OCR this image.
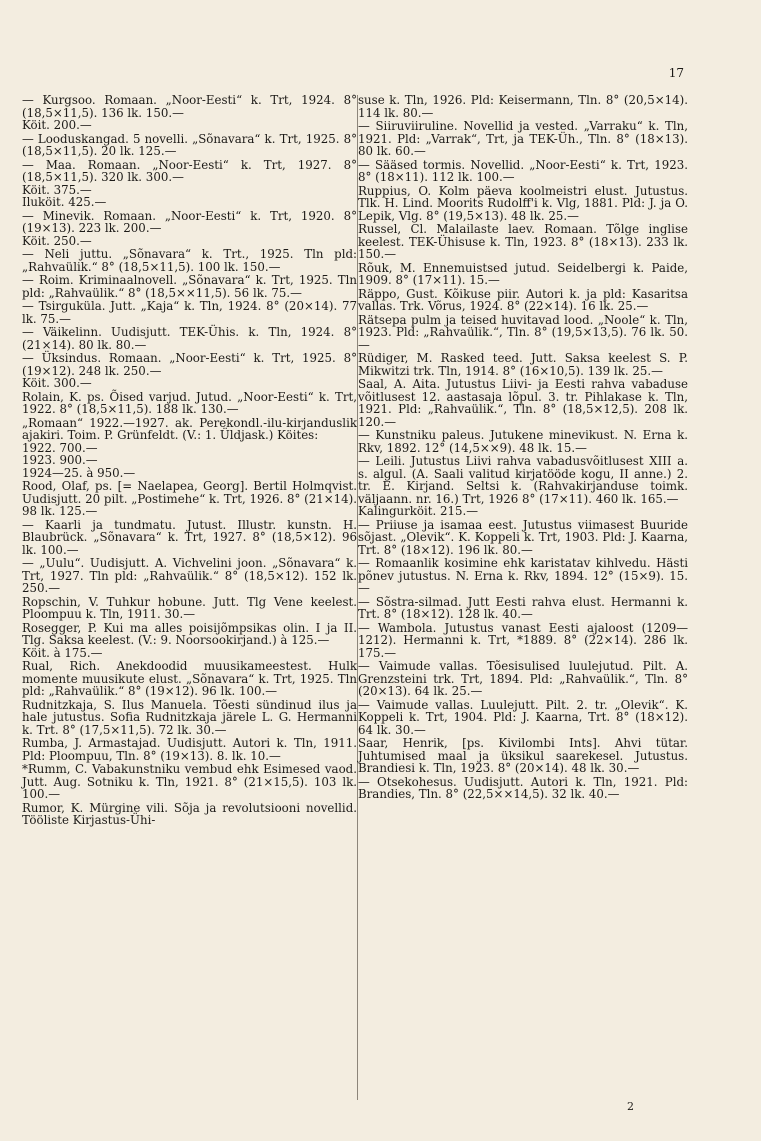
17

— Kurgsoo. Romaan. „Noor-Eesti“ k. Trt, 1924. 8° (18,5×11,5). 136 lk. 150.—
Köit. 200.—

— Looduskangad. 5 novelli. „Sõnavara“ k. Trt, 1925. 8° (18,5×11,5). 20 lk. 125.—

— Maa. Romaan. „Noor-Eesti“ k. Trt, 1927. 8° (18,5×11,5). 320 lk. 300.—
Köit. 375.—
Iluköit. 425.—

— Minevik. Romaan. „Noor-Eesti“ k. Trt, 1920. 8° (19×13). 223 lk. 200.—
Köit. 250.—

— Neli juttu. „Sõnavara“ k. Trt., 1925. Tln pld: „Rahvaülik.“ 8° (18,5×11,5). 100 lk. 150.—

— Roim. Kriminaalnovell. „Sõnavara“ k. Trt, 1925. Tln pld: „Rahvaülik.“ 8° (18,5××11,5). 56 lk. 75.—

— Tsirguküla. Jutt. „Kaja“ k. Tln, 1924. 8° (20×14). 77 lk. 75.—

— Väikelinn. Uudisjutt. TEK-Ühis. k. Tln, 1924. 8° (21×14). 80 lk. 80.—

— Üksindus. Romaan. „Noor-Eesti“ k. Trt, 1925. 8° (19×12). 248 lk. 250.—
Köit. 300.—

Rolain, K. ps. Õised varjud. Jutud. „Noor-Eesti“ k. Trt, 1922. 8° (18,5×11,5). 188 lk. 130.—

„Romaan“ 1922.—1927. ak. Perekondl.-ilu-kirjanduslik ajakiri. Toim. P. Grünfeldt. (V.: 1. Üldjask.) Köites:
1922. 700.—
1923. 900.—
1924—25. à 950.—

Rood, Olaf, ps. [= Naelapea, Georg]. Bertil Holmqvist. Uudisjutt. 20 pilt. „Postimehe“ k. Trt, 1926. 8° (21×14). 98 lk. 125.—

— Kaarli ja tundmatu. Jutust. Illustr. kunstn. H. Blaubrück. „Sõnavara“ k. Trt, 1927. 8° (18,5×12). 96 lk. 100.—

— „Uulu“. Uudisjutt. A. Vichvelini joon. „Sõnavara“ k. Trt, 1927. Tln pld: „Rahvaülik.“ 8° (18,5×12). 152 lk. 250.—

Ropschin, V. Tuhkur hobune. Jutt. Tlg Vene keelest. Ploompuu k. Tln, 1911. 30.—

Rosegger, P. Kui ma alles poisijõmpsikas olin. I ja II. Tlg. Saksa keelest. (V.: 9. Noorsookirjand.) à 125.—
Köit. à 175.—

Rual, Rich. Anekdoodid muusikameestest. Hulk momente muusikute elust. „Sõnavara“ k. Trt, 1925. Tln pld: „Rahvaülik.“ 8° (19×12). 96 lk. 100.—

Rudnitzkaja, S. Ilus Manuela. Tõesti sündinud ilus ja hale jutustus. Sofia Rudnitzkaja järele L. G. Hermanni k. Trt. 8° (17,5×11,5). 72 lk. 30.—

Rumba, J. Armastajad. Uudisjutt. Autori k. Tln, 1911. Pld: Ploompuu, Tln. 8° (19×13). 8. lk. 10.—

*Rumm, C. Vabakunstniku vembud ehk Esimesed vaod. Jutt. Aug. Sotniku k. Tln, 1921. 8° (21×15,5). 103 lk. 100.—

Rumor, K. Mürgine vili. Sõja ja revolutsiooni novellid. Tööliste Kirjastus-Ühi-

suse k. Tln, 1926. Pld: Keisermann, Tln. 8° (20,5×14). 114 lk. 80.—

— Siiruviiruline. Novellid ja vested. „Varraku“ k. Tln, 1921. Pld: „Varrak“, Trt, ja TEK-Üh., Tln. 8° (18×13). 80 lk. 60.—

— Sääsed tormis. Novellid. „Noor-Eesti“ k. Trt, 1923. 8° (18×11). 112 lk. 100.—

Ruppius, O. Kolm päeva koolmeistri elust. Jutustus. Tlk. H. Lind. Moorits Rudolff'i k. Vlg, 1881. Pld: J. ja O. Lepik, Vlg. 8° (19,5×13). 48 lk. 25.—

Russel, Cl. Malailaste laev. Romaan. Tõlge inglise keelest. TEK-Ühisuse k. Tln, 1923. 8° (18×13). 233 lk. 150.—

Rõuk, M. Ennemuistsed jutud. Seidelbergi k. Paide, 1909. 8° (17×11). 15.—

Räppo, Gust. Kõikuse piir. Autori k. ja pld: Kasaritsa vallas. Trk. Võrus, 1924. 8° (22×14). 16 lk. 25.—

Rätsepa pulm ja teised huvitavad lood. „Noole“ k. Tln, 1923. Pld: „Rahvaülik.“, Tln. 8° (19,5×13,5). 76 lk. 50.—

Rüdiger, M. Rasked teed. Jutt. Saksa keelest S. P. Mikwitzi trk. Tln, 1914. 8° (16×10,5). 139 lk. 25.—

Saal, A. Aita. Jutustus Liivi- ja Eesti rahva vabaduse võitlusest 12. aastasaja lõpul. 3. tr. Pihlakase k. Tln, 1921. Pld: „Rahvaülik.“, Tln. 8° (18,5×12,5). 208 lk. 120.—

— Kunstniku paleus. Jutukene minevikust. N. Erna k. Rkv, 1892. 12° (14,5××9). 48 lk. 15.—

— Leili. Jutustus Liivi rahva vabadusvõitlusest XIII a. s. algul. (A. Saali valitud kirjatööde kogu, II anne.) 2. tr. E. Kirjand. Seltsi k. (Rahvakirjanduse toimk. väljaann. nr. 16.) Trt, 1926 8° (17×11). 460 lk. 165.—
Kalingurköit. 215.—

— Priiuse ja isamaa eest. Jutustus viimasest Buuride sõjast. „Olevik“. K. Koppeli k. Trt, 1903. Pld: J. Kaarna, Trt. 8° (18×12). 196 lk. 80.—

— Romaanlik kosimine ehk karistatav kihlvedu. Hästi põnev jutustus. N. Erna k. Rkv, 1894. 12° (15×9). 15.—

— Sõstra-silmad. Jutt Eesti rahva elust. Hermanni k. Trt. 8° (18×12). 128 lk. 40.—

— Wambola. Jutustus vanast Eesti ajaloost (1209—1212). Hermanni k. Trt, *1889. 8° (22×14). 286 lk. 175.—

— Vaimude vallas. Tõesisulised luulejutud. Pilt. A. Grenzsteini trk. Trt, 1894. Pld: „Rahvaülik.“, Tln. 8° (20×13). 64 lk. 25.—

— Vaimude vallas. Luulejutt. Pilt. 2. tr. „Olevik“. K. Koppeli k. Trt, 1904. Pld: J. Kaarna, Trt. 8° (18×12). 64 lk. 30.—

Saar, Henrik, [ps. Kivilombi Ints]. Ahvi tütar. Juhtumised maal ja üksikul saarekesel. Jutustus. Brandiesi k. Tln, 1923. 8° (20×14). 48 lk. 30.—

— Otsekohesus. Uudisjutt. Autori k. Tln, 1921. Pld: Brandies, Tln. 8° (22,5××14,5). 32 lk. 40.—

2
